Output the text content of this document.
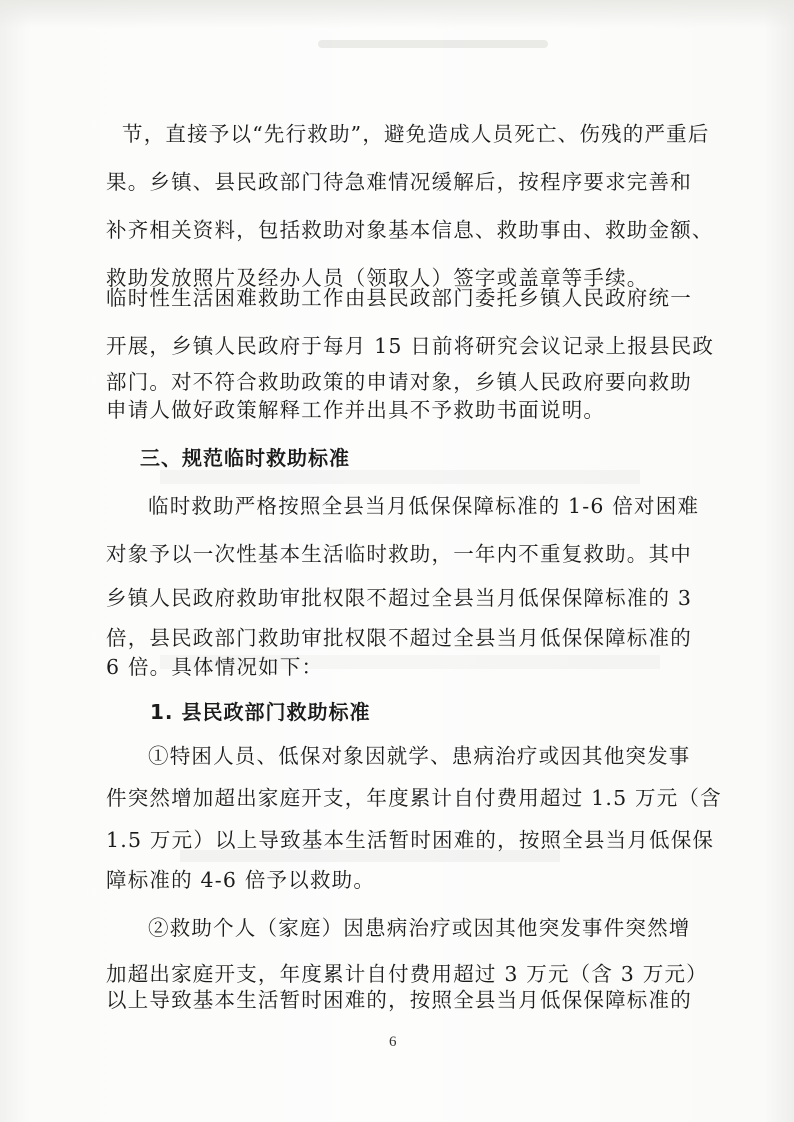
节，直接予以“先行救助”，避免造成人员死亡、伤残的严重后
果。乡镇、县民政部门待急难情况缓解后，按程序要求完善和
补齐相关资料，包括救助对象基本信息、救助事由、救助金额、
救助发放照片及经办人员（领取人）签字或盖章等手续。
临时性生活困难救助工作由县民政部门委托乡镇人民政府统一
开展，乡镇人民政府于每月 15 日前将研究会议记录上报县民政
部门。对不符合救助政策的申请对象，乡镇人民政府要向救助
申请人做好政策解释工作并出具不予救助书面说明。
三、规范临时救助标准
临时救助严格按照全县当月低保保障标准的 1-6 倍对困难
对象予以一次性基本生活临时救助，一年内不重复救助。其中
乡镇人民政府救助审批权限不超过全县当月低保保障标准的 3
倍，县民政部门救助审批权限不超过全县当月低保保障标准的
6 倍。具体情况如下：
1. 县民政部门救助标准
①特困人员、低保对象因就学、患病治疗或因其他突发事
件突然增加超出家庭开支，年度累计自付费用超过 1.5 万元（含
1.5 万元）以上导致基本生活暂时困难的，按照全县当月低保保
障标准的 4-6 倍予以救助。
②救助个人（家庭）因患病治疗或因其他突发事件突然增
加超出家庭开支，年度累计自付费用超过 3 万元（含 3 万元）
以上导致基本生活暂时困难的，按照全县当月低保保障标准的
6
